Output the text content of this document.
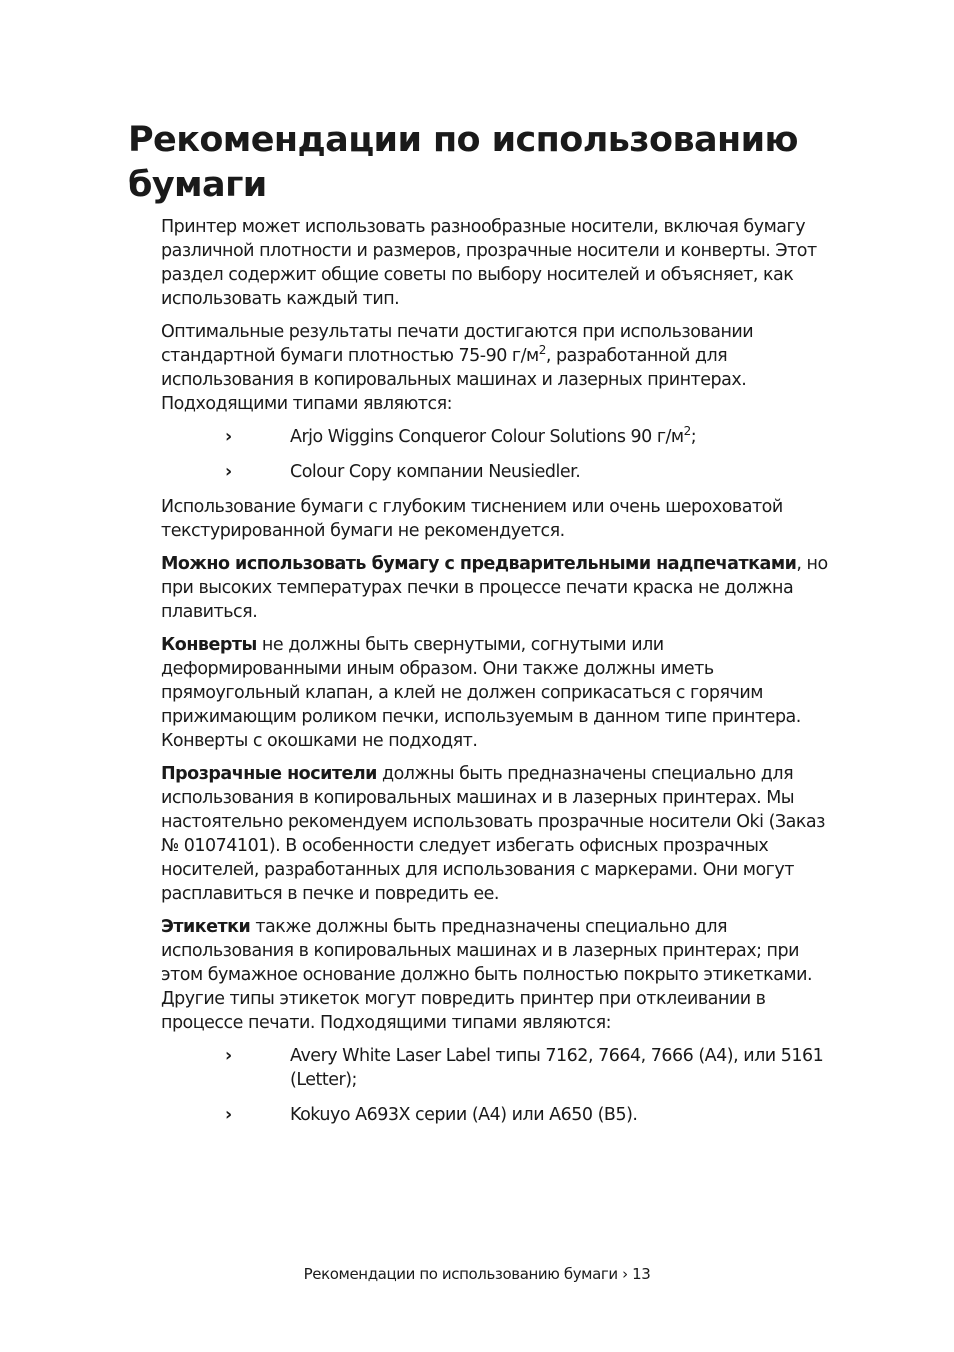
Рекомендации по использованию бумаги

Принтер может использовать разнообразные носители, включая бумагу различной плотности и размеров, прозрачные носители и конверты. Этот раздел содержит общие советы по выбору носителей и объясняет, как использовать каждый тип.

Оптимальные результаты печати достигаются при использовании стандартной бумаги плотностью 75-90 $г/м^2$, разработанной для использования в копировальных машинах и лазерных принтерах. Подходящими типами являются:

›	Arjo Wiggins Conqueror Colour Solutions 90 $г/м^2$;
›	Colour Copy компании Neusiedler.

Использование бумаги с глубоким тиснением или очень шероховатой текстурированной бумаги не рекомендуется.

Можно использовать бумагу с предварительными надпечатками, но при высоких температурах печки в процессе печати краска не должна плавиться.

Конверты не должны быть свернутыми, согнутыми или деформированными иным образом. Они также должны иметь прямоугольный клапан, а клей не должен соприкасаться с горячим прижимающим роликом печки, используемым в данном типе принтера. Конверты с окошками не подходят.

Прозрачные носители должны быть предназначены специально для использования в копировальных машинах и в лазерных принтерах. Мы настоятельно рекомендуем использовать прозрачные носители Oki (Заказ № 01074101). В особенности следует избегать офисных прозрачных носителей, разработанных для использования с маркерами. Они могут расплавиться в печке и повредить ее.

Этикетки также должны быть предназначены специально для использования в копировальных машинах и в лазерных принтерах; при этом бумажное основание должно быть полностью покрыто этикетками. Другие типы этикеток могут повредить принтер при отклеивании в процессе печати. Подходящими типами являются:

›	Avery White Laser Label типы 7162, 7664, 7666 (A4), или 5161 (Letter);
›	Kokuyo A693X серии (A4) или A650 (B5).
Рекомендации по использованию бумаги › 13
